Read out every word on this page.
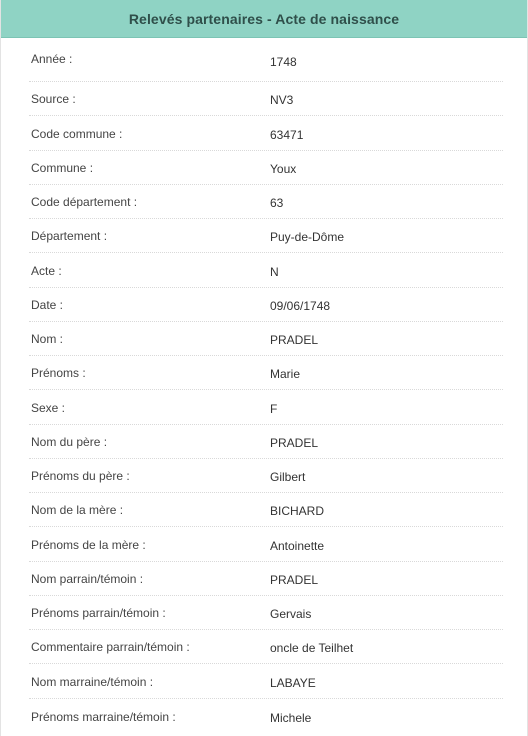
Relevés partenaires - Acte de naissance
Année :	1748
Source :	NV3
Code commune :	63471
Commune :	Youx
Code département :	63
Département :	Puy-de-Dôme
Acte :	N
Date :	09/06/1748
Nom :	PRADEL
Prénoms :	Marie
Sexe :	F
Nom du père :	PRADEL
Prénoms du père :	Gilbert
Nom de la mère :	BICHARD
Prénoms de la mère :	Antoinette
Nom parrain/témoin :	PRADEL
Prénoms parrain/témoin :	Gervais
Commentaire parrain/témoin :	oncle de Teilhet
Nom marraine/témoin :	LABAYE
Prénoms marraine/témoin :	Michele
